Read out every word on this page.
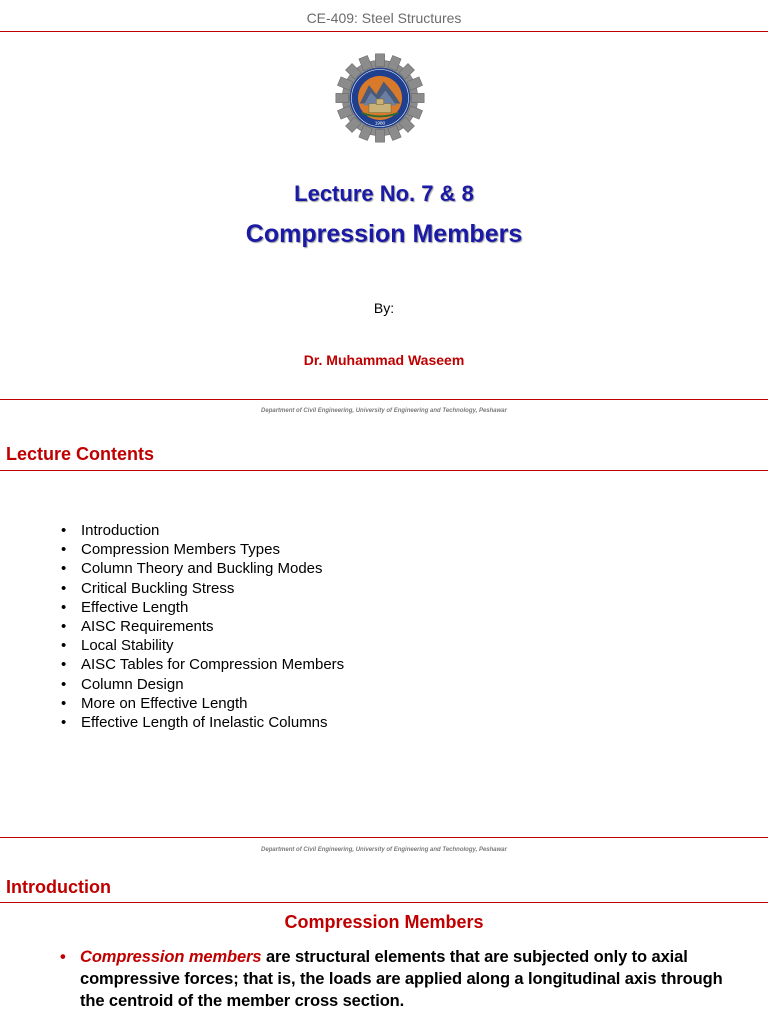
CE-409: Steel Structures
1980
Lecture No. 7 & 8
Compression Members
By:
Dr. Muhammad Waseem
Department of Civil Engineering, University of Engineering and Technology, Peshawar
Lecture Contents
• Introduction
• Compression Members Types
• Column Theory and Buckling Modes
• Critical Buckling Stress
• Effective Length
• AISC Requirements
• Local Stability
• AISC Tables for Compression Members
• Column Design
• More on Effective Length
• Effective Length of Inelastic Columns
Department of Civil Engineering, University of Engineering and Technology, Peshawar
Introduction
Compression Members
• Compression members are structural elements that are subjected only to axial compressive forces; that is, the loads are applied along a longitudinal axis through the centroid of the member cross section.
